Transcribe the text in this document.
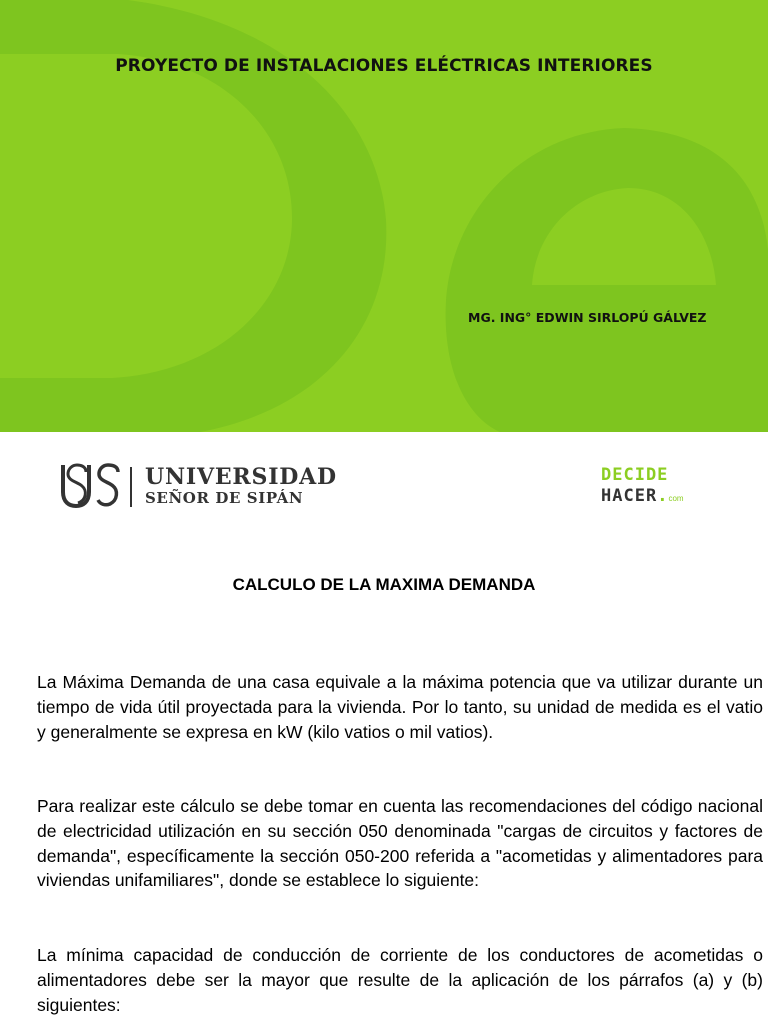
PROYECTO DE INSTALACIONES ELÉCTRICAS INTERIORES
MG. ING° EDWIN SIRLOPÚ GÁLVEZ
UNIVERSIDAD
SEÑOR DE SIPÁN
DECIDE
HACER.com
CALCULO DE LA MAXIMA DEMANDA
La Máxima Demanda de una casa equivale a la máxima potencia que va utilizar durante un tiempo de vida útil proyectada para la vivienda. Por lo tanto, su unidad de medida es el vatio y generalmente se expresa en kW (kilo vatios o mil vatios).
Para realizar este cálculo se debe tomar en cuenta las recomendaciones del código nacional de electricidad utilización en su sección 050 denominada "cargas de circuitos y factores de demanda", específicamente la sección 050-200 referida a "acometidas y alimentadores para viviendas unifamiliares", donde se establece lo siguiente:
La mínima capacidad de conducción de corriente de los conductores de acometidas o alimentadores debe ser la mayor que resulte de la aplicación de los párrafos (a) y (b) siguientes:
